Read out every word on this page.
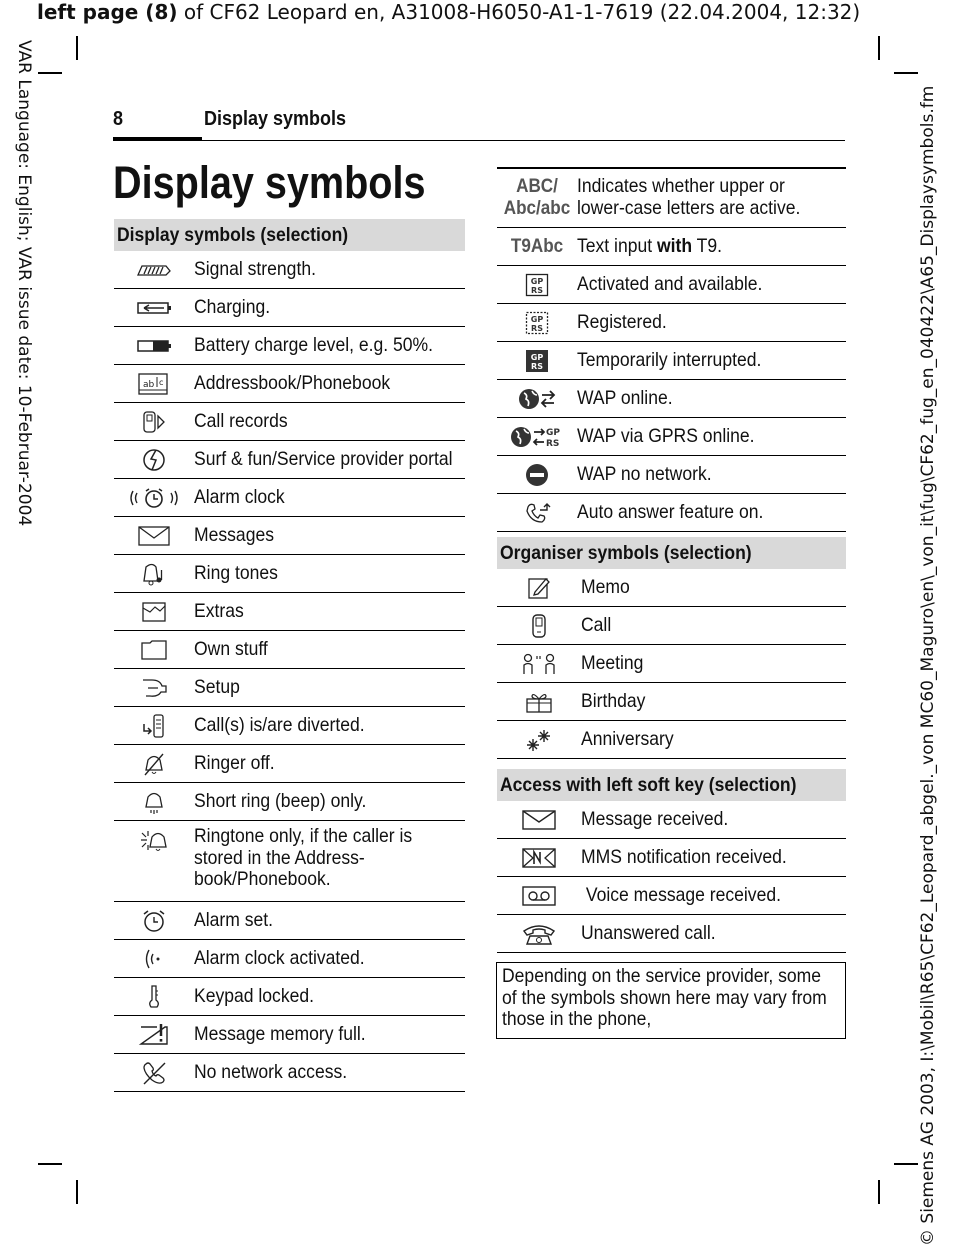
left page (8) of CF62 Leopard en, A31008-H6050-A1-1-7619 (22.04.2004, 12:32)
VAR Language: English; VAR issue date: 10-Februar-2004	© Siemens AG 2003, I:\Mobil\R65\CF62_Leopard_abgel._von MC60_Maguro\en\_von_it\fug\CF62_fug_en_040422\A65_Displaysymbols.fm
8	Display symbols
Display symbols
Display symbols (selection)
Signal strength.
Charging.
Battery charge level, e.g. 50%.
ab c Addressbook/Phonebook
Call records
Surf & fun/Service provider portal
Alarm clock
Messages
Ring tones
Extras
Own stuff
Setup
Call(s) is/are diverted.
Ringer off.
Short ring (beep) only.
Ringtone only, if the caller is stored in the Address-book/Phonebook.
Alarm set.
Alarm clock activated.
Keypad locked.
Message memory full.
No network access.
ABC/ Abc/abc
Indicates whether upper or lower-case letters are active.
T9Abc Text input with T9.
GP
RS Activated and available.
GP
RS Registered.
GP
RS Temporarily interrupted.
WAP online.
GP
RS WAP via GPRS online.
WAP no network.
Auto answer feature on.
Organiser symbols (selection)
Memo
Call
Meeting
Birthday
Anniversary
Access with left soft key (selection)
Message received.
MMS notification received.
Voice message received.
Unanswered call.
Depending on the service provider, some of the symbols shown here may vary from those in the phone,
